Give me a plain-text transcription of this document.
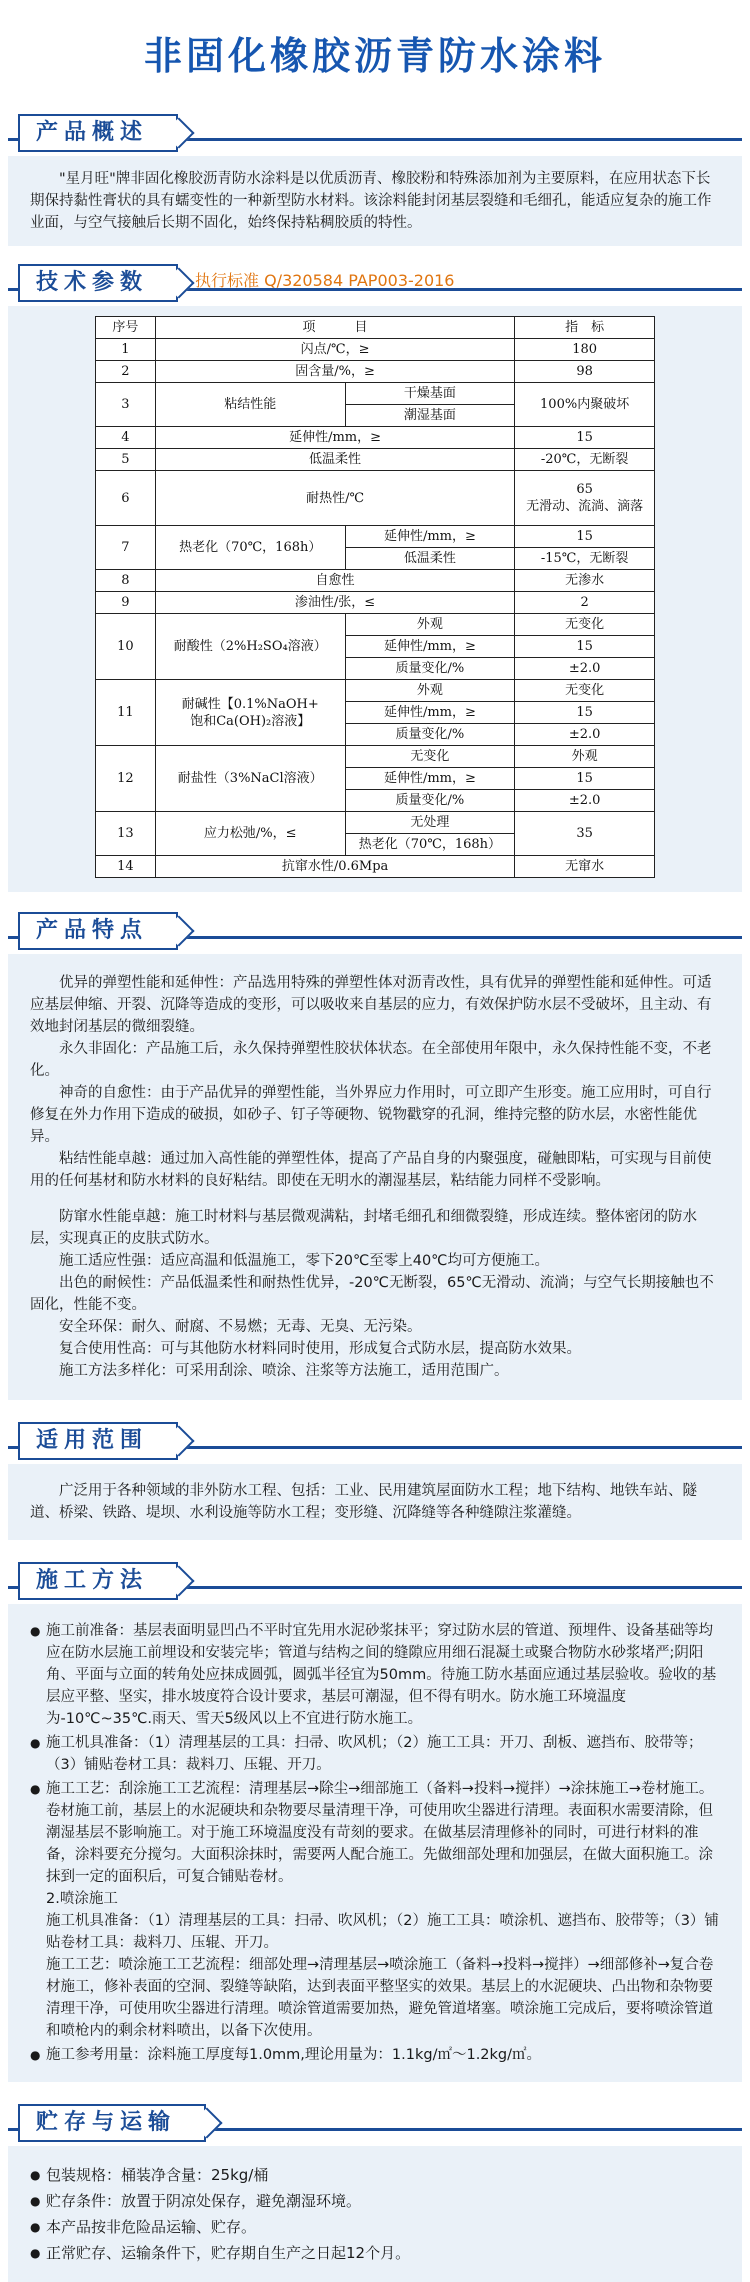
非固化橡胶沥青防水涂料
产品概述

"星月旺"牌非固化橡胶沥青防水涂料是以优质沥青、橡胶粉和特殊添加剂为主要原料，在应用状态下长期保持黏性膏状的具有蠕变性的一种新型防水材料。该涂料能封闭基层裂缝和毛细孔，能适应复杂的施工作业面，与空气接触后长期不固化，始终保持粘稠胶质的特性。

技术参数	执行标准 Q/320584 PAP003-2016
序号	项　　　目		指　标
1	闪点/℃，≥		180
2	固含量/%，≥		98
3	粘结性能	干燥基面	100%内聚破坏
		潮湿基面	
4	延伸性/mm，≥		15
5	低温柔性		-20℃，无断裂
6	耐热性/℃		65
无滑动、流淌、滴落

7	热老化（70℃，168h）	延伸性/mm，≥	15
		低温柔性	-15℃，无断裂
8	自愈性		无渗水
9	渗油性/张，≤		2
10	耐酸性（2%H₂SO₄溶液）	外观	无变化
		延伸性/mm，≥	15
		质量变化/%	±2.0
11	耐碱性【0.1%NaOH+
饱和Ca(OH)₂溶液】	外观	无变化
		延伸性/mm，≥	15
		质量变化/%	±2.0
12	耐盐性（3%NaCl溶液）	无变化	外观
		延伸性/mm，≥	15
		质量变化/%	±2.0
13	应力松弛/%，≤	无处理	35
		热老化（70℃，168h）	
14	抗窜水性/0.6Mpa		无窜水
产品特点

优异的弹塑性能和延伸性：产品选用特殊的弹塑性体对沥青改性，具有优异的弹塑性能和延伸性。可适应基层伸缩、开裂、沉降等造成的变形，可以吸收来自基层的应力，有效保护防水层不受破坏，且主动、有效地封闭基层的微细裂缝。

永久非固化：产品施工后，永久保持弹塑性胶状体状态。在全部使用年限中，永久保持性能不变，不老化。

神奇的自愈性：由于产品优异的弹塑性能，当外界应力作用时，可立即产生形变。施工应用时，可自行修复在外力作用下造成的破损，如砂子、钉子等硬物、锐物戳穿的孔洞，维持完整的防水层，水密性能优异。

粘结性能卓越：通过加入高性能的弹塑性体，提高了产品自身的内聚强度，碰触即粘，可实现与目前使用的任何基材和防水材料的良好粘结。即使在无明水的潮湿基层，粘结能力同样不受影响。

防窜水性能卓越：施工时材料与基层微观满粘，封堵毛细孔和细微裂缝，形成连续。整体密闭的防水层，实现真正的皮肤式防水。

施工适应性强：适应高温和低温施工，零下20℃至零上40℃均可方便施工。

出色的耐候性：产品低温柔性和耐热性优异，-20℃无断裂，65℃无滑动、流淌；与空气长期接触也不固化，性能不变。

安全环保：耐久、耐腐、不易燃；无毒、无臭、无污染。

复合使用性高：可与其他防水材料同时使用，形成复合式防水层，提高防水效果。

施工方法多样化：可采用刮涂、喷涂、注浆等方法施工，适用范围广。

适用范围

广泛用于各种领域的非外防水工程、包括：工业、民用建筑屋面防水工程；地下结构、地铁车站、隧道、桥梁、铁路、堤坝、水利设施等防水工程；变形缝、沉降缝等各种缝隙注浆灌缝。

施工方法
● 施工前准备：基层表面明显凹凸不平时宜先用水泥砂浆抹平；穿过防水层的管道、预埋件、设备基础等均应在防水层施工前埋设和安装完毕；管道与结构之间的缝隙应用细石混凝土或聚合物防水砂浆堵严;阴阳角、平面与立面的转角处应抹成圆弧，圆弧半径宜为50mm。待施工防水基面应通过基层验收。验收的基层应平整、坚实，排水坡度符合设计要求，基层可潮湿，但不得有明水。防水施工环境温度为-10℃~35℃.雨天、雪天5级风以上不宜进行防水施工。
● 施工机具准备：（1）清理基层的工具：扫帚、吹风机；（2）施工工具：开刀、刮板、遮挡布、胶带等；（3）铺贴卷材工具：裁料刀、压辊、开刀。
● 施工工艺：刮涂施工工艺流程：清理基层→除尘→细部施工（备料→投料→搅拌）→涂抹施工→卷材施工。卷材施工前，基层上的水泥硬块和杂物要尽量清理干净，可使用吹尘器进行清理。表面积水需要清除，但潮湿基层不影响施工。对于施工环境温度没有苛刻的要求。在做基层清理修补的同时，可进行材料的准备，涂料要充分搅匀。大面积涂抹时，需要两人配合施工。先做细部处理和加强层，在做大面积施工。涂抹到一定的面积后，可复合铺贴卷材。
2.喷涂施工
施工机具准备：（1）清理基层的工具：扫帚、吹风机；（2）施工工具：喷涂机、遮挡布、胶带等；（3）铺贴卷材工具：裁料刀、压辊、开刀。
施工工艺：喷涂施工工艺流程：细部处理→清理基层→喷涂施工（备料→投料→搅拌）→细部修补→复合卷材施工，修补表面的空洞、裂缝等缺陷，达到表面平整坚实的效果。基层上的水泥硬块、凸出物和杂物要清理干净，可使用吹尘器进行清理。喷涂管道需要加热，避免管道堵塞。喷涂施工完成后，要将喷涂管道和喷枪内的剩余材料喷出，以备下次使用。
● 施工参考用量：涂料施工厚度每1.0mm,理论用量为：1.1kg/㎡～1.2kg/㎡。
贮存与运输
● 包装规格：桶装净含量：25kg/桶
● 贮存条件：放置于阴凉处保存，避免潮湿环境。
● 本产品按非危险品运输、贮存。
● 正常贮存、运输条件下，贮存期自生产之日起12个月。
